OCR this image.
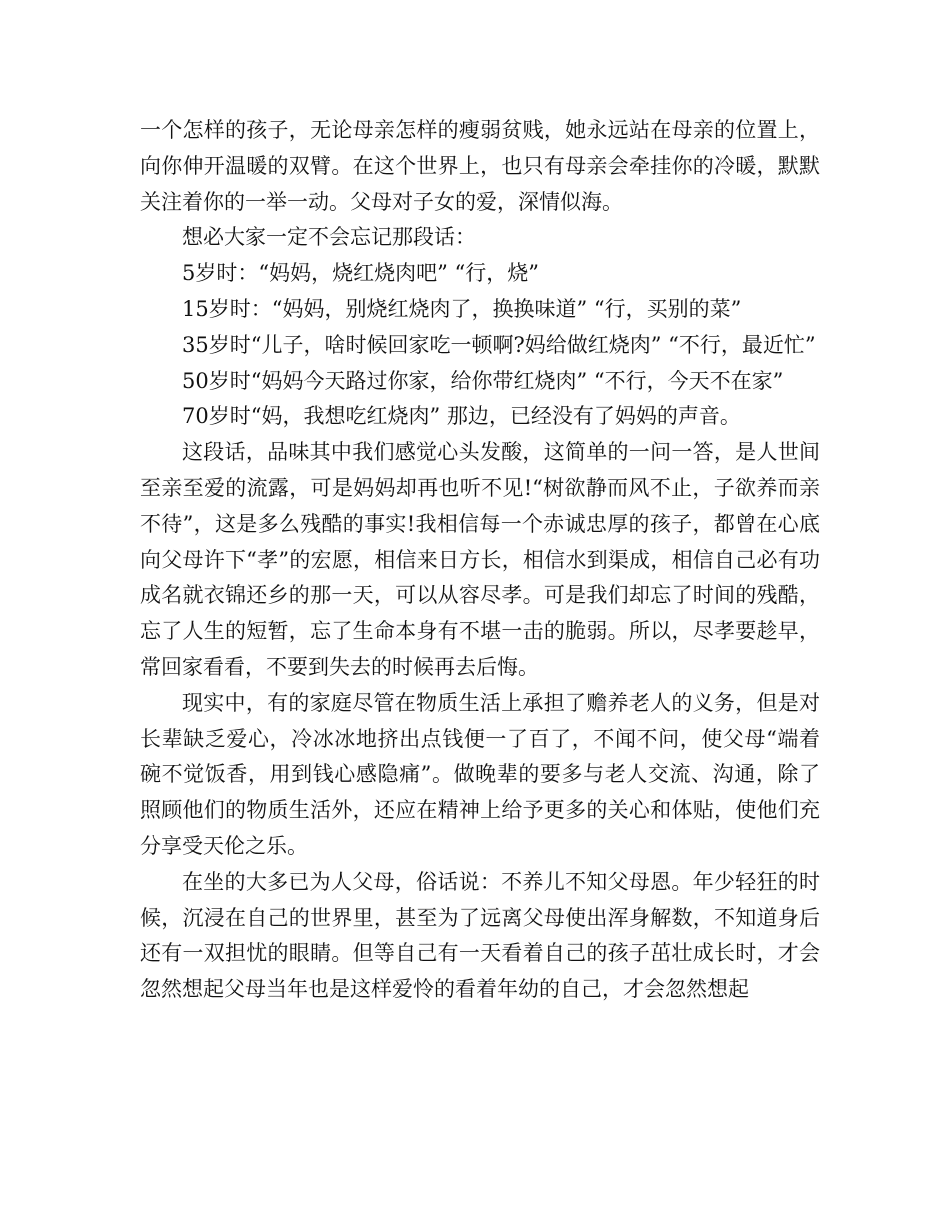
一个怎样的孩子，无论母亲怎样的瘦弱贫贱，她永远站在母亲的位置上，向你伸开温暖的双臂。在这个世界上，也只有母亲会牵挂你的冷暖，默默关注着你的一举一动。父母对子女的爱，深情似海。

想必大家一定不会忘记那段话：

5岁时：“妈妈，烧红烧肉吧” “行，烧”

15岁时：“妈妈，别烧红烧肉了，换换味道” “行，买别的菜”

35岁时“儿子，啥时候回家吃一顿啊?妈给做红烧肉” “不行，最近忙”

50岁时“妈妈今天路过你家，给你带红烧肉” “不行，今天不在家”

70岁时“妈，我想吃红烧肉” 那边，已经没有了妈妈的声音。

这段话，品味其中我们感觉心头发酸，这简单的一问一答，是人世间至亲至爱的流露，可是妈妈却再也听不见!“树欲静而风不止，子欲养而亲不待”，这是多么残酷的事实!我相信每一个赤诚忠厚的孩子，都曾在心底向父母许下“孝”的宏愿，相信来日方长，相信水到渠成，相信自己必有功成名就衣锦还乡的那一天，可以从容尽孝。可是我们却忘了时间的残酷，忘了人生的短暂，忘了生命本身有不堪一击的脆弱。所以，尽孝要趁早，常回家看看，不要到失去的时候再去后悔。

现实中，有的家庭尽管在物质生活上承担了赡养老人的义务，但是对长辈缺乏爱心，冷冰冰地挤出点钱便一了百了，不闻不问，使父母“端着碗不觉饭香，用到钱心感隐痛”。做晚辈的要多与老人交流、沟通，除了照顾他们的物质生活外，还应在精神上给予更多的关心和体贴，使他们充分享受天伦之乐。

在坐的大多已为人父母，俗话说：不养儿不知父母恩。年少轻狂的时候，沉浸在自己的世界里，甚至为了远离父母使出浑身解数，不知道身后还有一双担忧的眼睛。但等自己有一天看着自己的孩子茁壮成长时，才会忽然想起父母当年也是这样爱怜的看着年幼的自己，才会忽然想起
